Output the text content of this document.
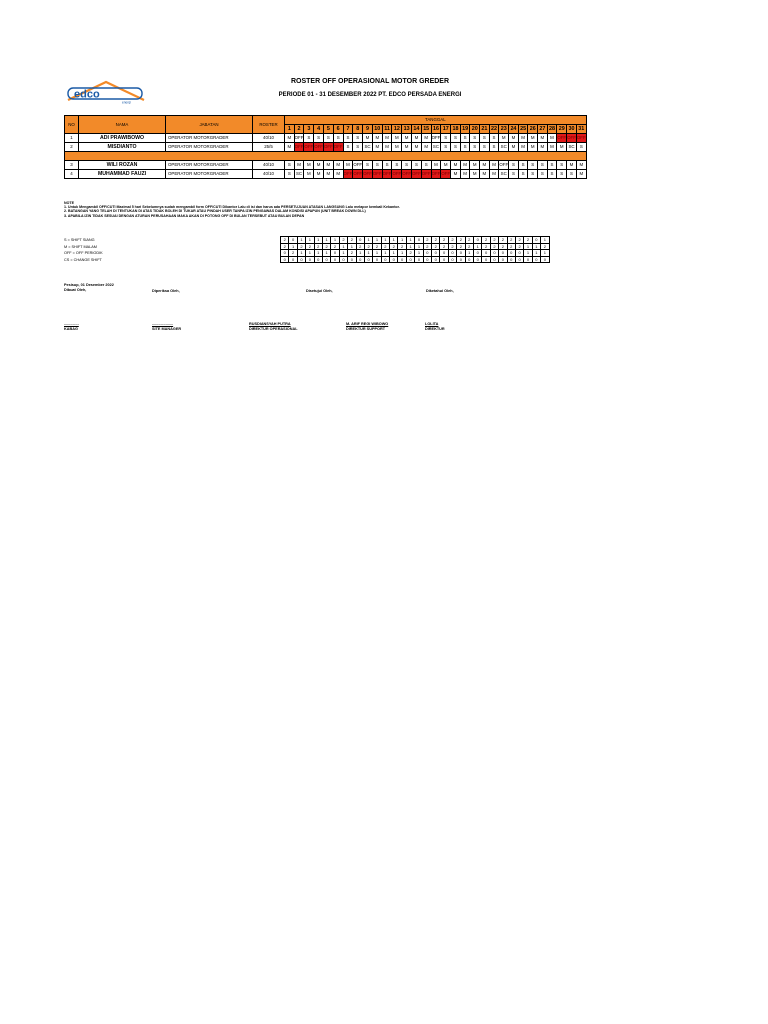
edco
energi
ROSTER OFF OPERASIONAL MOTOR GREDER
PERIODE 01 - 31 DESEMBER 2022 PT. EDCO PERSADA ENERGI
NO	NAMA	JABATAN	ROSTER	TANGGAL																														
				1	2	3	4	5	6	7	8	9	10	11	12	13	14	15	16	17	18	19	20	21	22	23	24	25	26	27	28	29	30	31
1	ADI PRAWIBOWO	OPERATOR MOTORGRADER	40/10	M	OFF	S	S	S	S	S	S	M	M	M	M	M	M	M	OFF	S	S	S	S	S	S	M	M	M	M	M	M	OFF	OFF	OFF
2	MISDIANTO	OPERATOR MOTORGRADER	25/5	M	OFF	OFF	OFF	OFF	OFF	S	S	SC	M	M	M	M	M	M	SC	S	S	S	S	S	S	SC	M	M	M	M	M	M	SC	S

3	WILI ROZAN	OPERATOR MOTORGRADER	40/10	S	M	M	M	M	M	M	OFF	S	S	S	S	S	S	S	M	M	M	M	M	M	M	OFF	S	S	S	S	S	S	M	M
4	MUHAMMAD FAUZI	OPERATOR MOTORGRADER	40/10	S	SC	M	M	M	M	OFF	OFF	OFF	OFF	OFF	OFF	OFF	OFF	OFF	OFF	OFF	M	M	M	M	M	SC	S	S	S	S	S	S	S	M
NOTE
1. Untuk Mengambil OFF/CUTI Maximal 5 hari Sebelumnya sudah mengambil form OFF/CUTI Dikantor Lalu di isi dan harus ada PERSETUJUAN ATASAN LANGSUNG Lalu melapor kembali Kekantor.
2. BATANGAN YANG TELAH DI TENTUKAN DI ATAS TIDAK BOLEH DI TUKAR ATAU PINDAH USER TANPA IZIN PENGAWAS DALAM KONDISI APAPUN (UNIT BREAK DOWN DLL)
3. APABILA IZIN TIDAK SESUAI DENGAN ATURAN PERUSAHAAN MAKA AKAN DI POTONG OFF DI BULAN TERSEBUT ATAU BULAN DEPAN
S = SHIFT SIANG
M = SHIFT MALAM
OFF = OFF PERIODIK
CS = CHANGE SHIFT
2	0	1	1	1	1	1	2	2	0	1	1	1	1	1	1	0	2	2	2	2	2	2	0	2	2	2	2	2	2	0	1
2	1	2	2	2	2	2	1	1	2	2	2	2	2	2	1	1	2	2	2	2	2	2	1	2	2	2	2	2	1	1	2
0	2	1	1	1	1	0	1	2	1	1	1	1	1	1	2	1	0	0	0	0	0	1	0	0	0	0	0	0	1	1	1
0	0	0	0	0	0	0	0	0	0	0	0	0	0	0	0	0	0	0	0	0	0	0	0	0	0	0	0	0	0	0	0
Pesisup, 01 Desember 2022
Dibuat Oleh,	Diperiksa Oleh,	Disetujui Oleh,	Diketahui Oleh,
..............
KABAG
....................
SITE MANAGER
RUSDIANSYAH PUTRA
DIREKTUR OPERASIONAL
M. ARIF REGI WIBOWO
DIREKTUR SUPPORT
LOLITA
DIREKTUR
